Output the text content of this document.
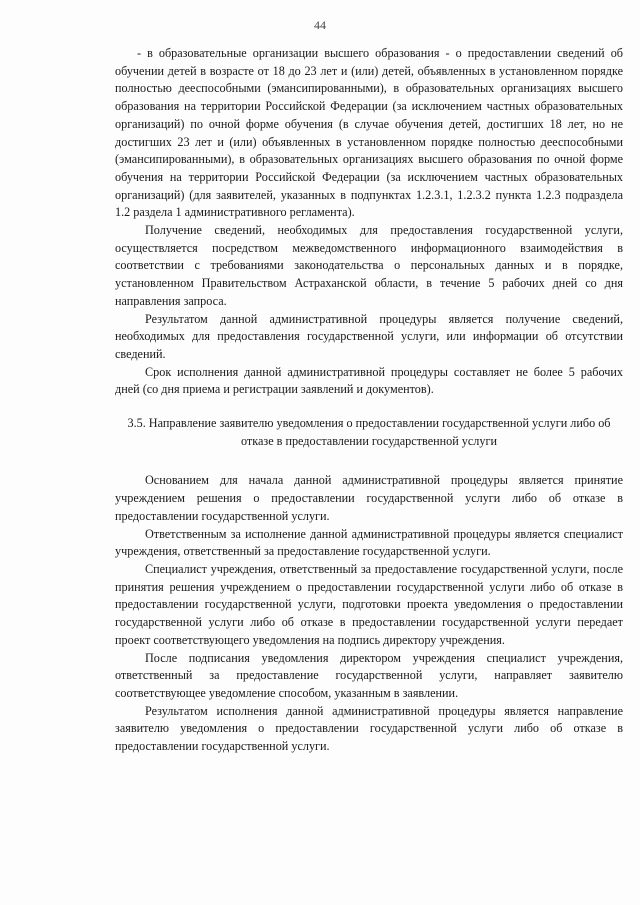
44

- в образовательные организации высшего образования - о предоставлении сведений об обучении детей в возрасте от 18 до 23 лет и (или) детей, объявленных в установленном порядке полностью дееспособными (эмансипированными), в образовательных организациях высшего образования на территории Российской Федерации (за исключением частных образовательных организаций) по очной форме обучения (в случае обучения детей, достигших 18 лет, но не достигших 23 лет и (или) объявленных в установленном порядке полностью дееспособными (эмансипированными), в образовательных организациях высшего образования по очной форме обучения на территории Российской Федерации (за исключением частных образовательных организаций) (для заявителей, указанных в подпунктах 1.2.3.1, 1.2.3.2 пункта 1.2.3 подраздела 1.2 раздела 1 административного регламента).

Получение сведений, необходимых для предоставления государственной услуги, осуществляется посредством межведомственного информационного взаимодействия в соответствии с требованиями законодательства о персональных данных и в порядке, установленном Правительством Астраханской области, в течение 5 рабочих дней со дня направления запроса.

Результатом данной административной процедуры является получение сведений, необходимых для предоставления государственной услуги, или информации об отсутствии сведений.

Срок исполнения данной административной процедуры составляет не более 5 рабочих дней (со дня приема и регистрации заявлений и документов).

3.5. Направление заявителю уведомления о предоставлении государственной услуги либо об отказе в предоставлении государственной услуги

Основанием для начала данной административной процедуры является принятие учреждением решения о предоставлении государственной услуги либо об отказе в предоставлении государственной услуги.

Ответственным за исполнение данной административной процедуры является специалист учреждения, ответственный за предоставление государственной услуги.

Специалист учреждения, ответственный за предоставление государственной услуги, после принятия решения учреждением о предоставлении государственной услуги либо об отказе в предоставлении государственной услуги, подготовки проекта уведомления о предоставлении государственной услуги либо об отказе в предоставлении государственной услуги передает проект соответствующего уведомления на подпись директору учреждения.

После подписания уведомления директором учреждения специалист учреждения, ответственный за предоставление государственной услуги, направляет заявителю соответствующее уведомление способом, указанным в заявлении.

Результатом исполнения данной административной процедуры является направление заявителю уведомления о предоставлении государственной услуги либо об отказе в предоставлении государственной услуги.
